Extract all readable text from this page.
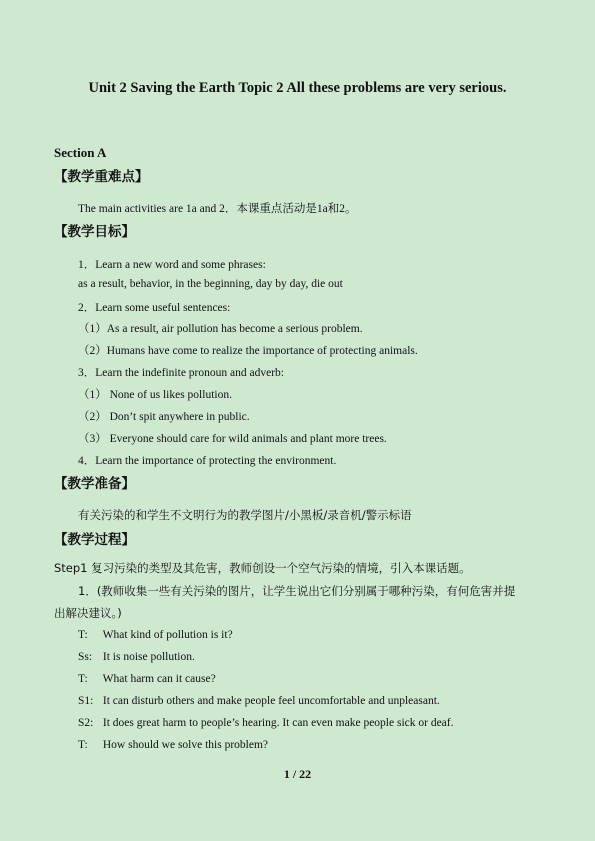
Unit 2 Saving the Earth Topic 2 All these problems are very serious.
Section A
【教学重难点】
The main activities are 1a and 2．本课重点活动是1a和2。
【教学目标】
1．Learn a new word and some phrases:
as a result, behavior, in the beginning, day by day, die out
2．Learn some useful sentences:
（1）As a result, air pollution has become a serious problem.
（2）Humans have come to realize the importance of protecting animals.
3．Learn the indefinite pronoun and adverb:
（1） None of us likes pollution.
（2） Don’t spit anywhere in public.
（3） Everyone should care for wild animals and plant more trees.
4．Learn the importance of protecting the environment.
【教学准备】
有关污染的和学生不文明行为的教学图片/小黑板/录音机/警示标语
【教学过程】
Step1 复习污染的类型及其危害，教师创设一个空气污染的情境，引入本课话题。
1．(教师收集一些有关污染的图片，让学生说出它们分别属于哪种污染，有何危害并提
出解决建议。)
T: What kind of pollution is it?
Ss: It is noise pollution.
T: What harm can it cause?
S1: It can disturb others and make people feel uncomfortable and unpleasant.
S2: It does great harm to people’s hearing. It can even make people sick or deaf.
T: How should we solve this problem?
1 / 22
